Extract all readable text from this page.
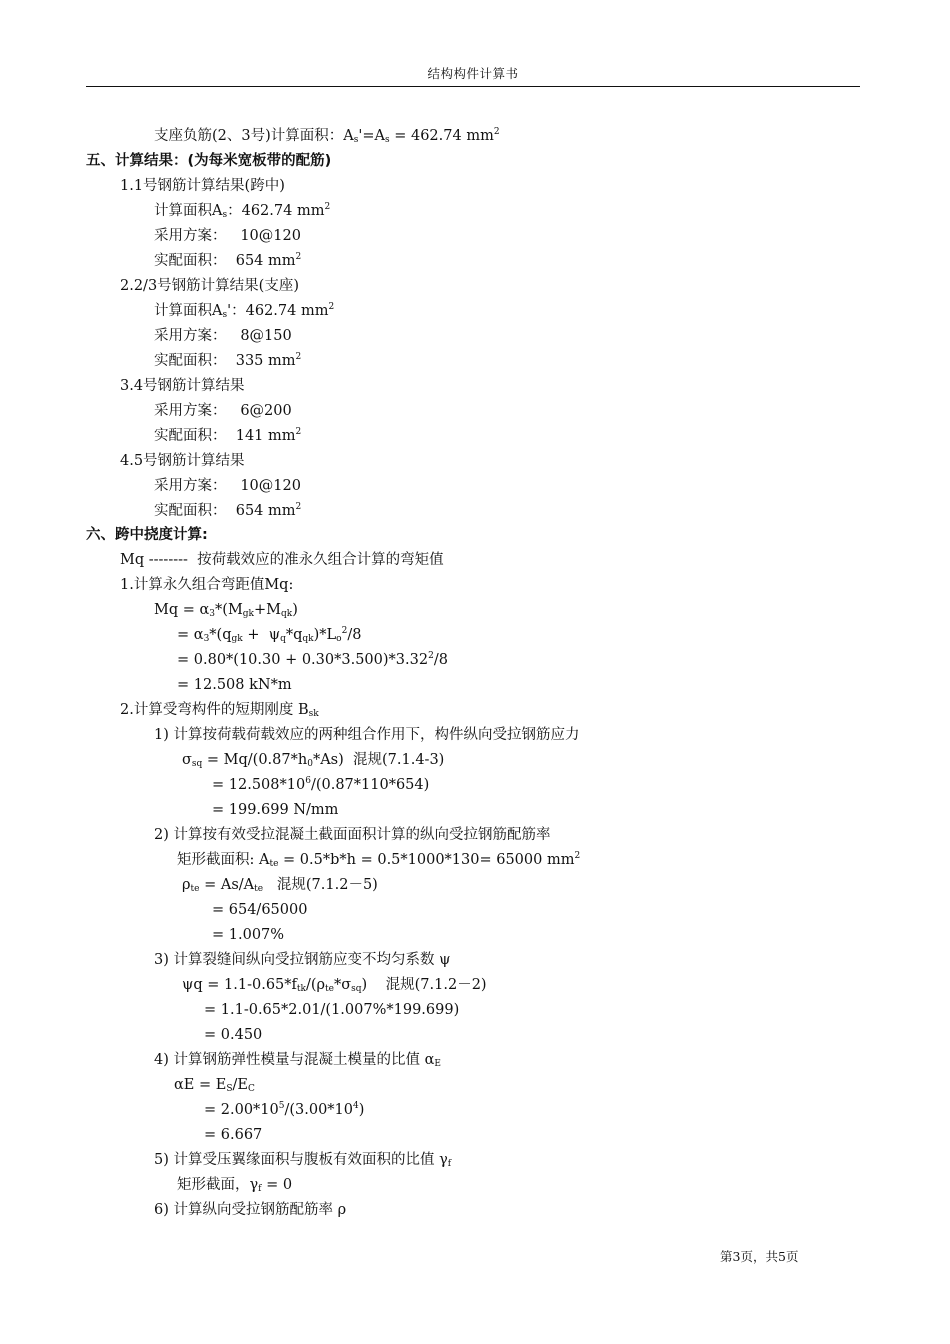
结构构件计算书
支座负筋(2、3号)计算面积：$A_s'=A_s = 462.74$ $mm^2$
五、计算结果：(为每米宽板带的配筋)
1.1号钢筋计算结果(跨中)
计算面积$A_s$：462.74 $mm^2$
采用方案：   10@120
实配面积：  654 $mm^2$
2.2/3号钢筋计算结果(支座)
计算面积$A_s'$：462.74 $mm^2$
采用方案：   8@150
实配面积：  335 $mm^2$
3.4号钢筋计算结果
采用方案：   6@200
实配面积：  141 $mm^2$
4.5号钢筋计算结果
采用方案：   10@120
实配面积：  654 $mm^2$
六、跨中挠度计算:
Mq --------  按荷载效应的准永久组合计算的弯矩值
1.计算永久组合弯距值Mq:
$Mq = \alpha_3*(M_{gk}+M_{qk})$
= $\alpha_3*(q_{gk} + \psi_q*q_{qk})*L_o^2/8$
= $0.80*(10.30 + 0.30*3.500)*3.32^2/8$
= 12.508 kN*m
2.计算受弯构件的短期刚度 $B_{sk}$
1) 计算按荷载荷载效应的两种组合作用下，构件纵向受拉钢筋应力
$\sigma_{sq} = Mq/(0.87*h_0*As)$  混规(7.1.4-3)
= $12.508*10^6/(0.87*110*654)$
= 199.699 N/mm
2) 计算按有效受拉混凝土截面面积计算的纵向受拉钢筋配筋率
矩形截面积: $A_{te} = 0.5*b*h = 0.5*1000*130= 65000$ $mm^2$
$\rho_{te} = As/A_{te}$   混规(7.1.2－5)
= 654/65000
= 1.007%
3) 计算裂缝间纵向受拉钢筋应变不均匀系数 ψ
$\psi q = 1.1-0.65*f_{tk}/(\rho_{te}*\sigma_{sq})$    混规(7.1.2－2)
= 1.1-0.65*2.01/(1.007%*199.699)
= 0.450
4) 计算钢筋弹性模量与混凝土模量的比值 $\alpha_E$
$\alpha E = E_S/E_C$
= $2.00*10^5/(3.00*10^4)$
= 6.667
5) 计算受压翼缘面积与腹板有效面积的比值 $\gamma_f$
矩形截面，$\gamma_f = 0$
6) 计算纵向受拉钢筋配筋率 ρ
第3页，共5页
